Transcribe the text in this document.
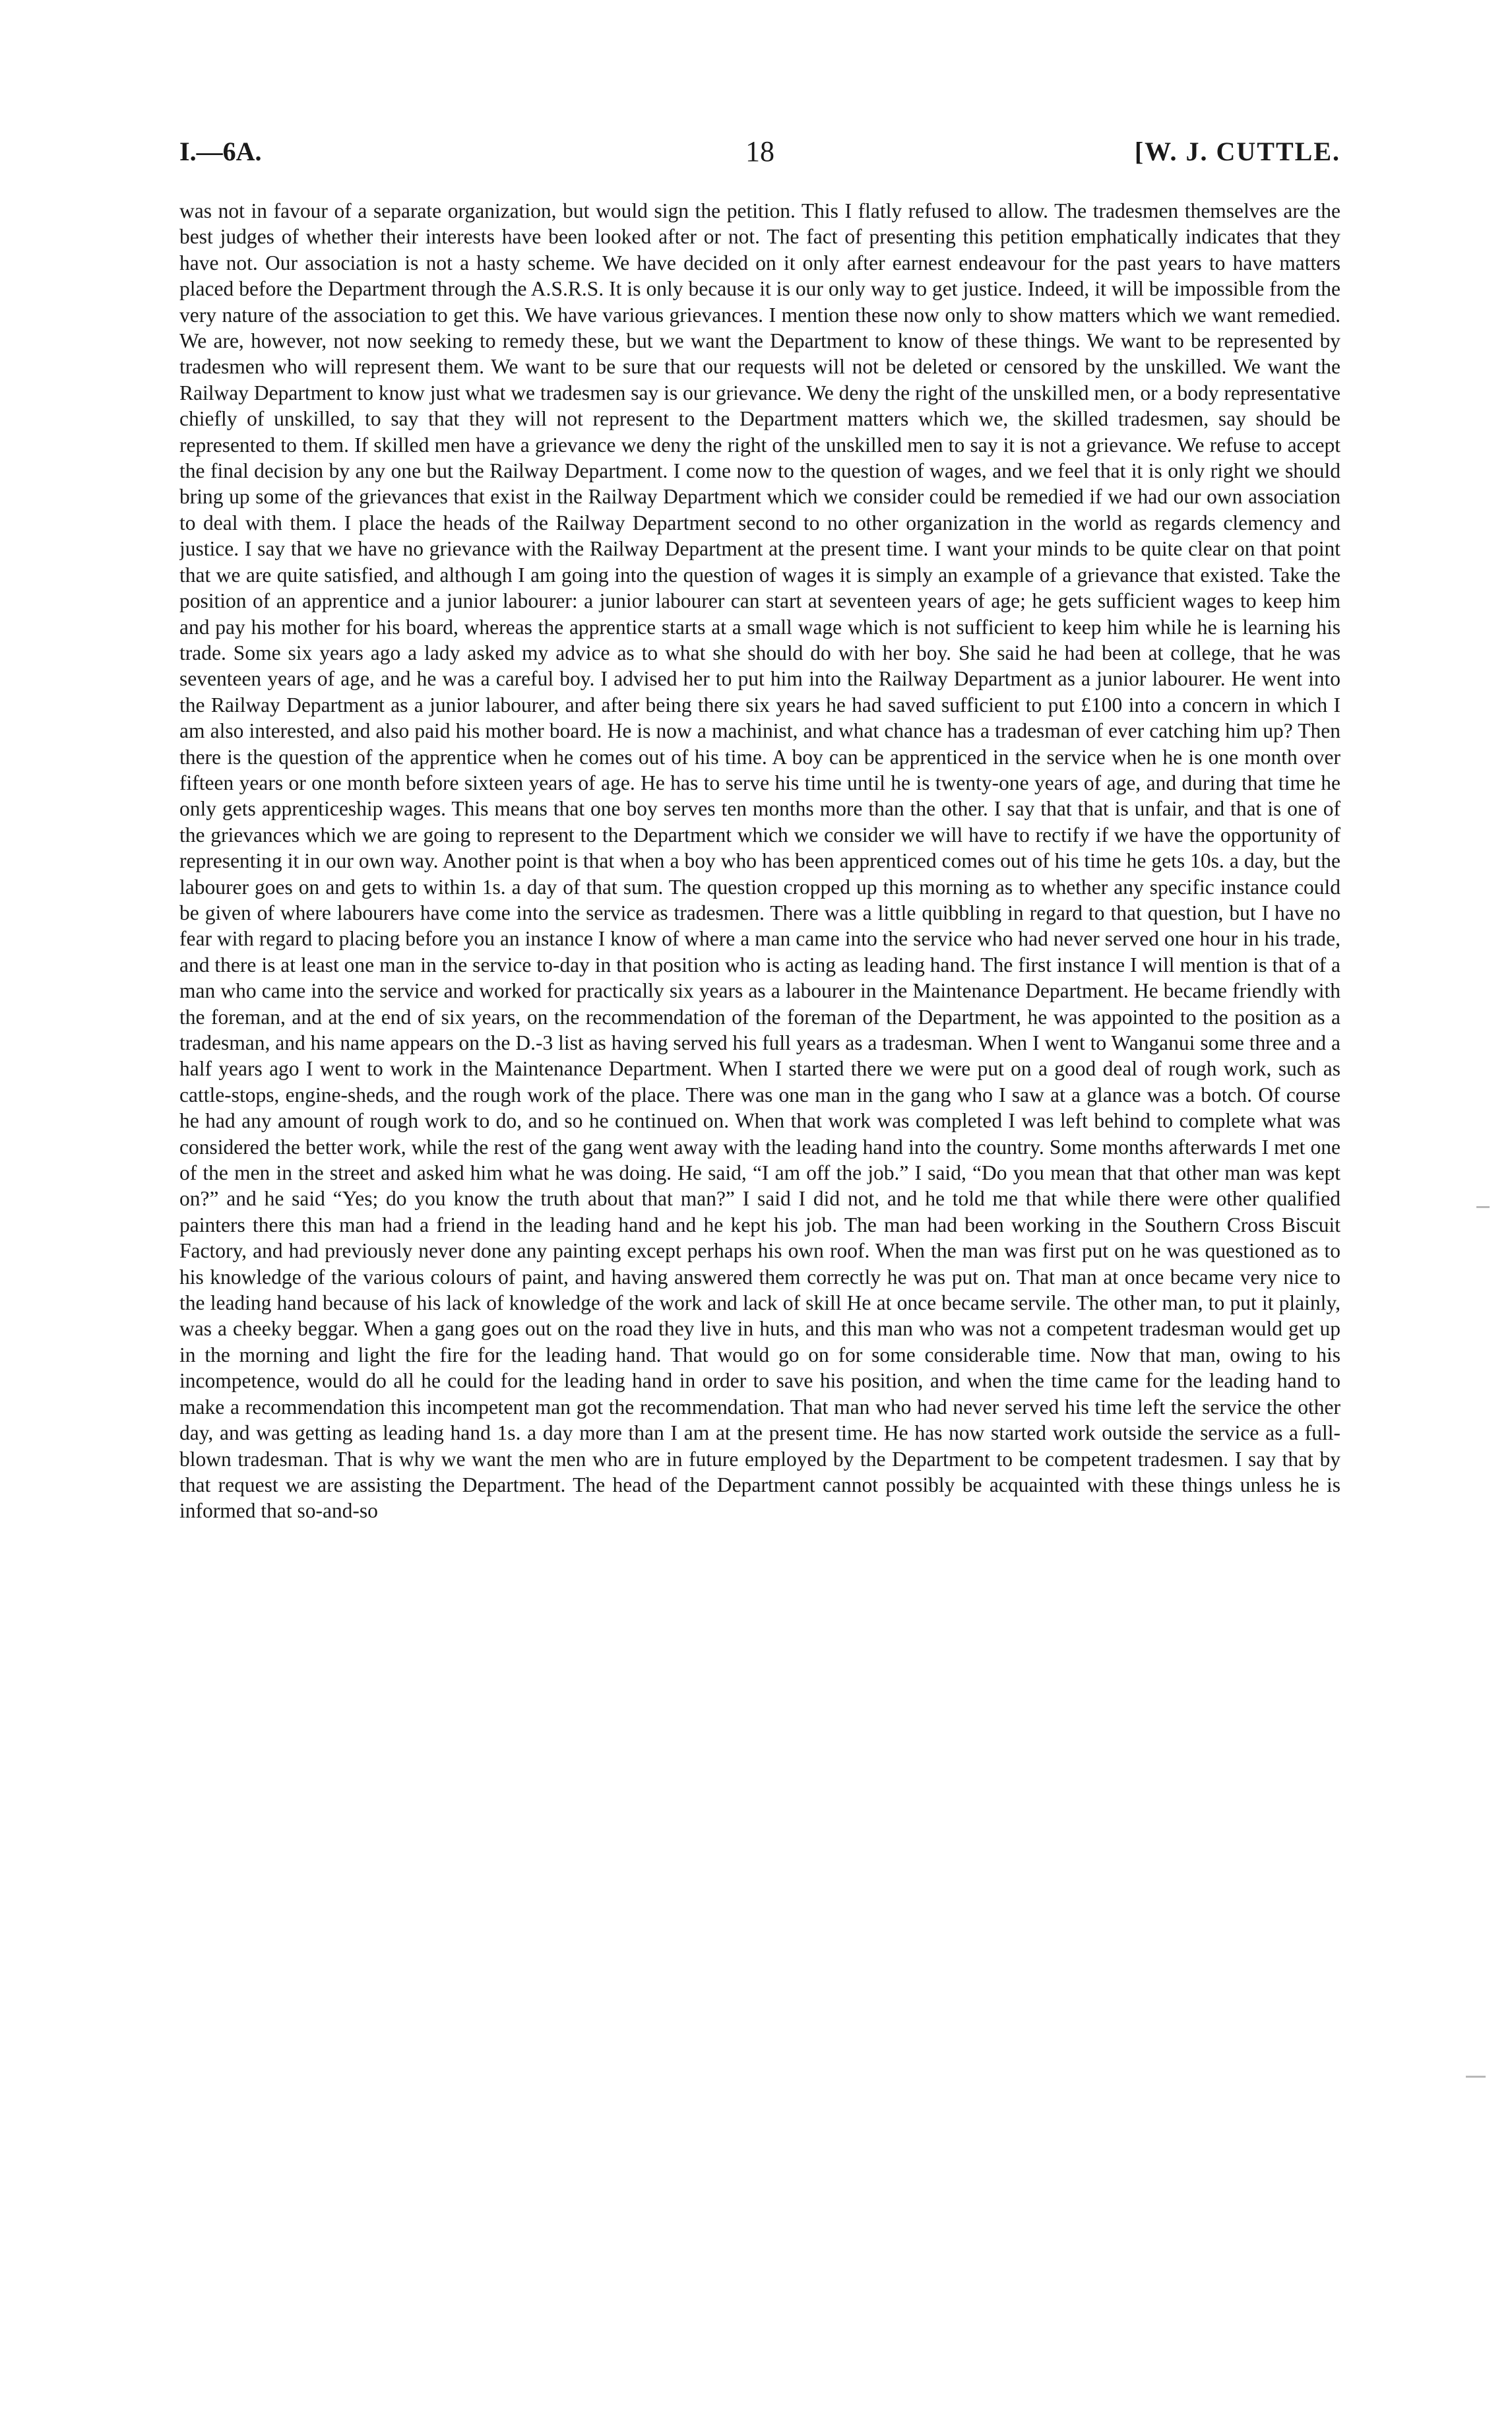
18
I.—6A.	[W. J. CUTTLE.

was not in favour of a separate organization, but would sign the petition. This I flatly refused to allow. The tradesmen themselves are the best judges of whether their interests have been looked after or not. The fact of presenting this petition emphatically indicates that they have not. Our association is not a hasty scheme. We have decided on it only after earnest endeavour for the past years to have matters placed before the Department through the A.S.R.S. It is only because it is our only way to get justice. Indeed, it will be impossible from the very nature of the association to get this. We have various grievances. I mention these now only to show matters which we want remedied. We are, however, not now seeking to remedy these, but we want the Department to know of these things. We want to be represented by tradesmen who will represent them. We want to be sure that our requests will not be deleted or censored by the unskilled. We want the Railway Department to know just what we tradesmen say is our grievance. We deny the right of the unskilled men, or a body representative chiefly of unskilled, to say that they will not represent to the Department matters which we, the skilled tradesmen, say should be represented to them. If skilled men have a grievance we deny the right of the unskilled men to say it is not a grievance. We refuse to accept the final decision by any one but the Railway Department. I come now to the question of wages, and we feel that it is only right we should bring up some of the grievances that exist in the Railway Department which we consider could be remedied if we had our own association to deal with them. I place the heads of the Railway Department second to no other organization in the world as regards clemency and justice. I say that we have no grievance with the Railway Department at the present time. I want your minds to be quite clear on that point that we are quite satisfied, and although I am going into the question of wages it is simply an example of a grievance that existed. Take the position of an apprentice and a junior labourer: a junior labourer can start at seventeen years of age; he gets sufficient wages to keep him and pay his mother for his board, whereas the apprentice starts at a small wage which is not sufficient to keep him while he is learning his trade. Some six years ago a lady asked my advice as to what she should do with her boy. She said he had been at college, that he was seventeen years of age, and he was a careful boy. I advised her to put him into the Railway Department as a junior labourer. He went into the Railway Department as a junior labourer, and after being there six years he had saved sufficient to put £100 into a concern in which I am also interested, and also paid his mother board. He is now a machinist, and what chance has a tradesman of ever catching him up? Then there is the question of the apprentice when he comes out of his time. A boy can be apprenticed in the service when he is one month over fifteen years or one month before sixteen years of age. He has to serve his time until he is twenty-one years of age, and during that time he only gets apprenticeship wages. This means that one boy serves ten months more than the other. I say that that is unfair, and that is one of the grievances which we are going to represent to the Department which we consider we will have to rectify if we have the opportunity of representing it in our own way. Another point is that when a boy who has been apprenticed comes out of his time he gets 10s. a day, but the labourer goes on and gets to within 1s. a day of that sum. The question cropped up this morning as to whether any specific instance could be given of where labourers have come into the service as tradesmen. There was a little quibbling in regard to that question, but I have no fear with regard to placing before you an instance I know of where a man came into the service who had never served one hour in his trade, and there is at least one man in the service to-day in that position who is acting as leading hand. The first instance I will mention is that of a man who came into the service and worked for practically six years as a labourer in the Maintenance Department. He became friendly with the foreman, and at the end of six years, on the recommendation of the foreman of the Department, he was appointed to the position as a tradesman, and his name appears on the D.-3 list as having served his full years as a tradesman. When I went to Wanganui some three and a half years ago I went to work in the Maintenance Department. When I started there we were put on a good deal of rough work, such as cattle-stops, engine-sheds, and the rough work of the place. There was one man in the gang who I saw at a glance was a botch. Of course he had any amount of rough work to do, and so he continued on. When that work was completed I was left behind to complete what was considered the better work, while the rest of the gang went away with the leading hand into the country. Some months afterwards I met one of the men in the street and asked him what he was doing. He said, “I am off the job.” I said, “Do you mean that that other man was kept on?” and he said “Yes; do you know the truth about that man?” I said I did not, and he told me that while there were other qualified painters there this man had a friend in the leading hand and he kept his job. The man had been working in the Southern Cross Biscuit Factory, and had previously never done any painting except perhaps his own roof. When the man was first put on he was questioned as to his knowledge of the various colours of paint, and having answered them correctly he was put on. That man at once became very nice to the leading hand because of his lack of knowledge of the work and lack of skill He at once became servile. The other man, to put it plainly, was a cheeky beggar. When a gang goes out on the road they live in huts, and this man who was not a competent tradesman would get up in the morning and light the fire for the leading hand. That would go on for some considerable time. Now that man, owing to his incompetence, would do all he could for the leading hand in order to save his position, and when the time came for the leading hand to make a recommendation this incompetent man got the recommendation. That man who had never served his time left the service the other day, and was getting as leading hand 1s. a day more than I am at the present time. He has now started work outside the service as a full-blown tradesman. That is why we want the men who are in future employed by the Department to be competent tradesmen. I say that by that request we are assisting the Department. The head of the Department cannot possibly be acquainted with these things unless he is informed that so-and-so
